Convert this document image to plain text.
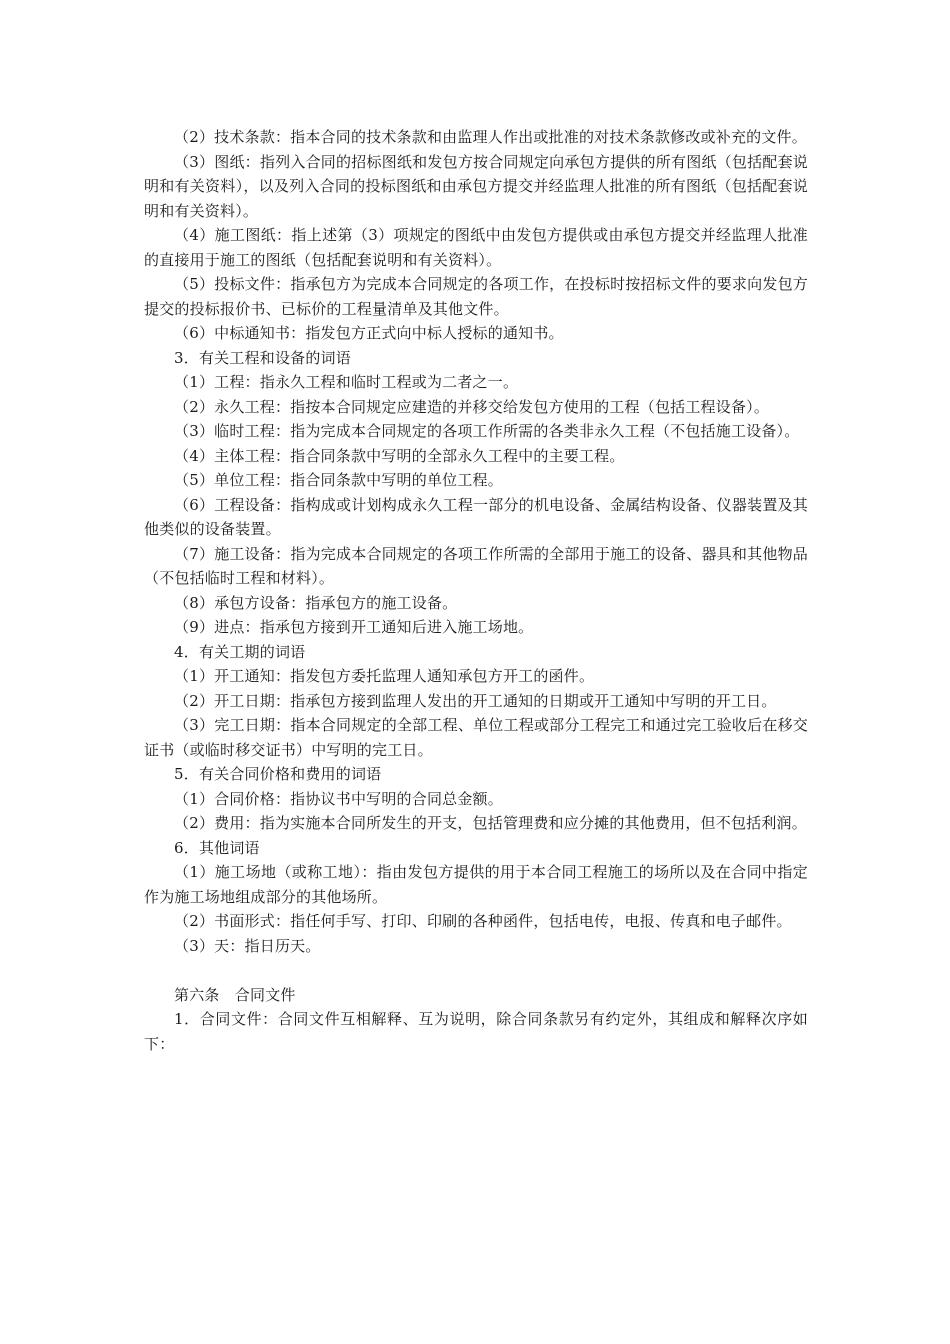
（2）技术条款：指本合同的技术条款和由监理人作出或批准的对技术条款修改或补充的文件。

（3）图纸：指列入合同的招标图纸和发包方按合同规定向承包方提供的所有图纸（包括配套说明和有关资料），以及列入合同的投标图纸和由承包方提交并经监理人批准的所有图纸（包括配套说明和有关资料）。

（4）施工图纸：指上述第（3）项规定的图纸中由发包方提供或由承包方提交并经监理人批准的直接用于施工的图纸（包括配套说明和有关资料）。

（5）投标文件：指承包方为完成本合同规定的各项工作，在投标时按招标文件的要求向发包方提交的投标报价书、已标价的工程量清单及其他文件。

（6）中标通知书：指发包方正式向中标人授标的通知书。

3．有关工程和设备的词语

（1）工程：指永久工程和临时工程或为二者之一。

（2）永久工程：指按本合同规定应建造的并移交给发包方使用的工程（包括工程设备）。

（3）临时工程：指为完成本合同规定的各项工作所需的各类非永久工程（不包括施工设备）。

（4）主体工程：指合同条款中写明的全部永久工程中的主要工程。

（5）单位工程：指合同条款中写明的单位工程。

（6）工程设备：指构成或计划构成永久工程一部分的机电设备、金属结构设备、仪器装置及其他类似的设备装置。

（7）施工设备：指为完成本合同规定的各项工作所需的全部用于施工的设备、器具和其他物品（不包括临时工程和材料）。

（8）承包方设备：指承包方的施工设备。

（9）进点：指承包方接到开工通知后进入施工场地。

4．有关工期的词语

（1）开工通知：指发包方委托监理人通知承包方开工的函件。

（2）开工日期：指承包方接到监理人发出的开工通知的日期或开工通知中写明的开工日。

（3）完工日期：指本合同规定的全部工程、单位工程或部分工程完工和通过完工验收后在移交证书（或临时移交证书）中写明的完工日。

5．有关合同价格和费用的词语

（1）合同价格：指协议书中写明的合同总金额。

（2）费用：指为实施本合同所发生的开支，包括管理费和应分摊的其他费用，但不包括利润。

6．其他词语

（1）施工场地（或称工地）：指由发包方提供的用于本合同工程施工的场所以及在合同中指定作为施工场地组成部分的其他场所。

（2）书面形式：指任何手写、打印、印刷的各种函件，包括电传，电报、传真和电子邮件。

（3）天：指日历天。

第六条　合同文件

1．合同文件：合同文件互相解释、互为说明，除合同条款另有约定外，其组成和解释次序如下：
